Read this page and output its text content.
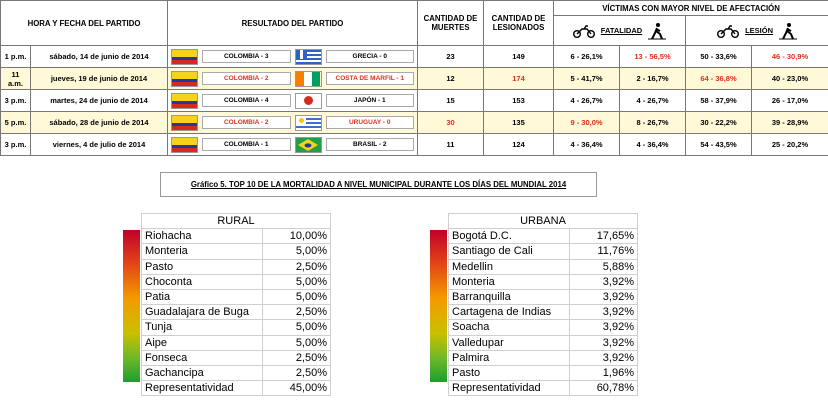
HORA Y FECHA DEL PARTIDO		RESULTADO DEL PARTIDO	CANTIDAD DE MUERTES	CANTIDAD DE LESIONADOS	VÍCTIMAS CON MAYOR NIVEL DE AFECTACIÓN			

					FATALIDAD		LESIÓN	

1 p.m.	sábado, 14 de junio de 2014	COLOMBIA - 3 GRECIA - 0	23	149	6 - 26,1%	13 - 56,5%	50 - 33,6%	46 - 30,9%
11 a.m.	jueves, 19 de junio de 2014	COLOMBIA - 2 COSTA DE MARFIL - 1	12	174	5 - 41,7%	2 - 16,7%	64 - 36,8%	40 - 23,0%
3 p.m.	martes, 24 de junio de 2014	COLOMBIA - 4 JAPÓN - 1	15	153	4 - 26,7%	4 - 26,7%	58 - 37,9%	26 - 17,0%
5 p.m.	sábado, 28 de junio de 2014	COLOMBIA - 2 URUGUAY - 0	30	135	9 - 30,0%	8 - 26,7%	30 - 22,2%	39 - 28,9%
3 p.m.	viernes, 4 de julio de 2014	COLOMBIA - 1 BRASIL - 2	11	124	4 - 36,4%	4 - 36,4%	54 - 43,5%	25 - 20,2%
Gráfico 5. TOP 10 DE LA MORTALIDAD A NIVEL MUNICIPAL DURANTE LOS DÍAS DEL MUNDIAL 2014
RURAL	
Riohacha	10,00%
Monteria	5,00%
Pasto	2,50%
Choconta	5,00%
Patia	5,00%
Guadalajara de Buga	2,50%
Tunja	5,00%
Aipe	5,00%
Fonseca	2,50%
Gachancipa	2,50%
Representatividad	45,00%
URBANA	
Bogotá D.C.	17,65%
Santiago de Cali	11,76%
Medellin	5,88%
Monteria	3,92%
Barranquilla	3,92%
Cartagena de Indias	3,92%
Soacha	3,92%
Valledupar	3,92%
Palmira	3,92%
Pasto	1,96%
Representatividad	60,78%
